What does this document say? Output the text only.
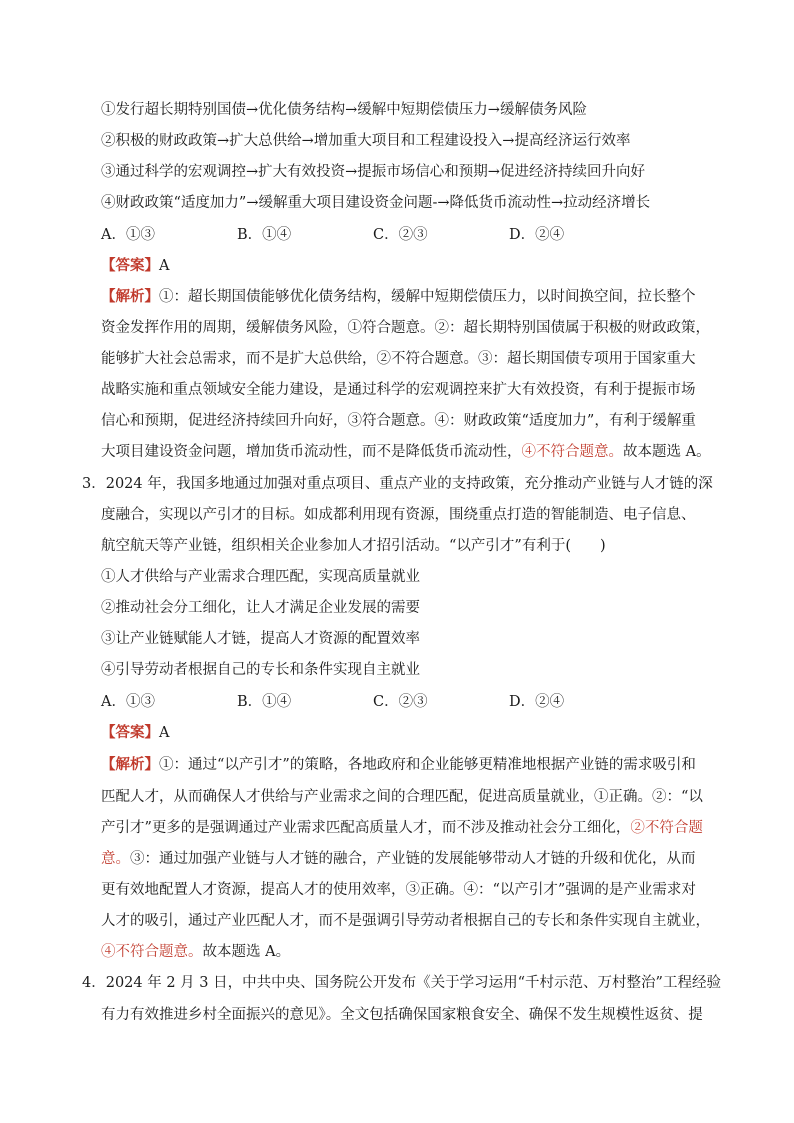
①发行超长期特别国债→优化债务结构→缓解中短期偿债压力→缓解债务风险
②积极的财政政策→扩大总供给→增加重大项目和工程建设投入→提高经济运行效率
③通过科学的宏观调控→扩大有效投资→提振市场信心和预期→促进经济持续回升向好
④财政政策“适度加力”→缓解重大项目建设资金问题-→降低货币流动性→拉动经济增长
A．①③	B．①④	C．②③	D．②④
【答案】A
【解析】①：超长期国债能够优化债务结构，缓解中短期偿债压力，以时间换空间，拉长整个
资金发挥作用的周期，缓解债务风险，①符合题意。②：超长期特别国债属于积极的财政政策，
能够扩大社会总需求，而不是扩大总供给，②不符合题意。③：超长期国债专项用于国家重大
战略实施和重点领域安全能力建设，是通过科学的宏观调控来扩大有效投资，有利于提振市场
信心和预期，促进经济持续回升向好，③符合题意。④：财政政策“适度加力”，有利于缓解重
大项目建设资金问题，增加货币流动性，而不是降低货币流动性，④不符合题意。故本题选 A。
3．2024 年，我国多地通过加强对重点项目、重点产业的支持政策，充分推动产业链与人才链的深
度融合，实现以产引才的目标。如成都利用现有资源，围绕重点打造的智能制造、电子信息、
航空航天等产业链，组织相关企业参加人才招引活动。“以产引才”有利于(　　)
①人才供给与产业需求合理匹配，实现高质量就业
②推动社会分工细化，让人才满足企业发展的需要
③让产业链赋能人才链，提高人才资源的配置效率
④引导劳动者根据自己的专长和条件实现自主就业
A．①③	B．①④	C．②③	D．②④
【答案】A
【解析】①：通过“以产引才”的策略，各地政府和企业能够更精准地根据产业链的需求吸引和
匹配人才，从而确保人才供给与产业需求之间的合理匹配，促进高质量就业，①正确。②：“以
产引才”更多的是强调通过产业需求匹配高质量人才，而不涉及推动社会分工细化，②不符合题
意。③：通过加强产业链与人才链的融合，产业链的发展能够带动人才链的升级和优化，从而
更有效地配置人才资源，提高人才的使用效率，③正确。④：“以产引才”强调的是产业需求对
人才的吸引，通过产业匹配人才，而不是强调引导劳动者根据自己的专长和条件实现自主就业，
④不符合题意。故本题选 A。
4．2024 年 2 月 3 日，中共中央、国务院公开发布《关于学习运用“千村示范、万村整治”工程经验
有力有效推进乡村全面振兴的意见》。全文包括确保国家粮食安全、确保不发生规模性返贫、提
